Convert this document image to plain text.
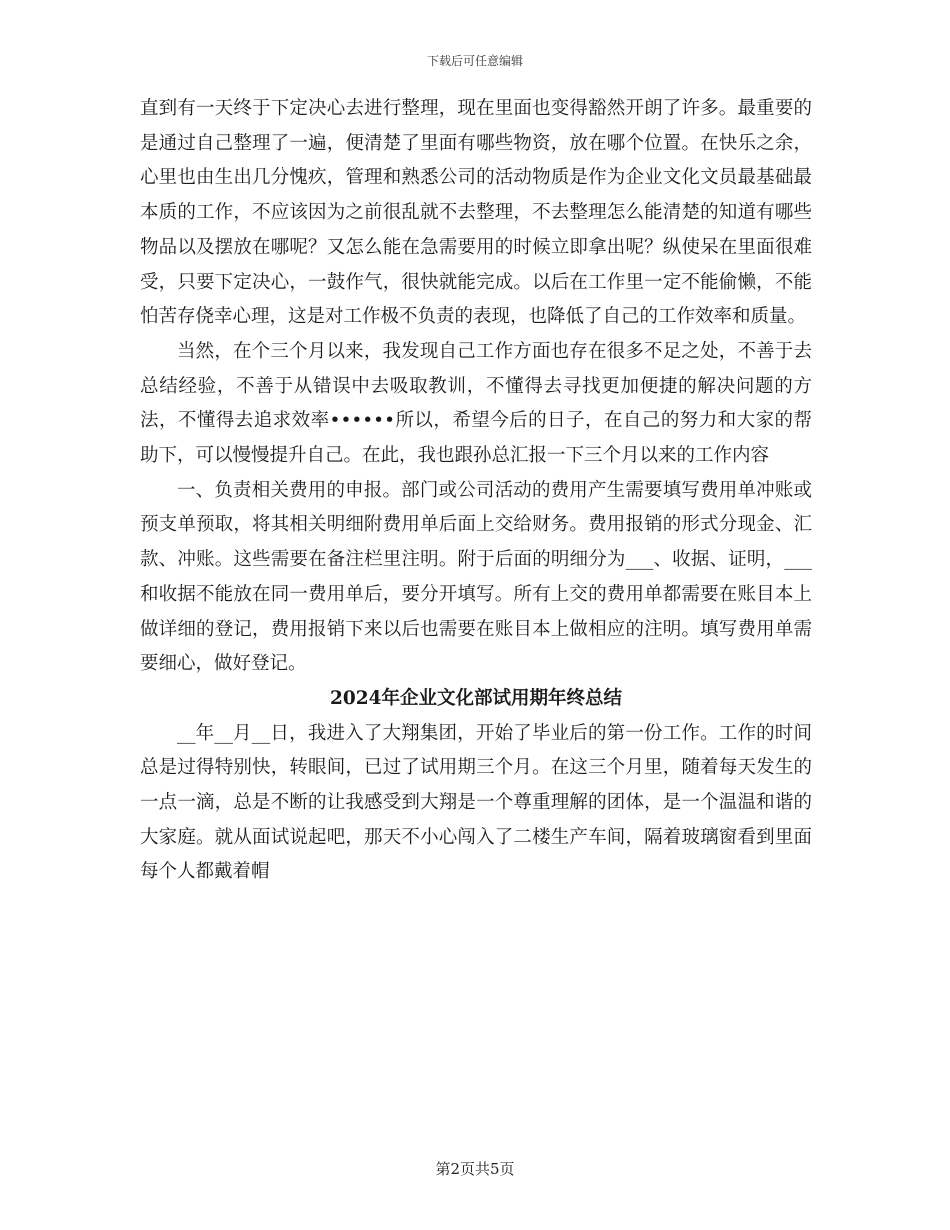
下载后可任意编辑

直到有一天终于下定决心去进行整理，现在里面也变得豁然开朗了许多。最重要的是通过自己整理了一遍，便清楚了里面有哪些物资，放在哪个位置。在快乐之余，心里也由生出几分愧疚，管理和熟悉公司的活动物质是作为企业文化文员最基础最本质的工作，不应该因为之前很乱就不去整理，不去整理怎么能清楚的知道有哪些物品以及摆放在哪呢？又怎么能在急需要用的时候立即拿出呢？纵使呆在里面很难受，只要下定决心，一鼓作气，很快就能完成。以后在工作里一定不能偷懒，不能怕苦存侥幸心理，这是对工作极不负责的表现，也降低了自己的工作效率和质量。

当然，在个三个月以来，我发现自己工作方面也存在很多不足之处，不善于去总结经验，不善于从错误中去吸取教训，不懂得去寻找更加便捷的解决问题的方法，不懂得去追求效率••••••所以，希望今后的日子，在自己的努力和大家的帮助下，可以慢慢提升自己。在此，我也跟孙总汇报一下三个月以来的工作内容

一、负责相关费用的申报。部门或公司活动的费用产生需要填写费用单冲账或预支单预取，将其相关明细附费用单后面上交给财务。费用报销的形式分现金、汇款、冲账。这些需要在备注栏里注明。附于后面的明细分为___、收据、证明，___和收据不能放在同一费用单后，要分开填写。所有上交的费用单都需要在账目本上做详细的登记，费用报销下来以后也需要在账目本上做相应的注明。填写费用单需要细心，做好登记。

2024年企业文化部试用期年终总结

__年__月__日，我进入了大翔集团，开始了毕业后的第一份工作。工作的时间总是过得特别快，转眼间，已过了试用期三个月。在这三个月里，随着每天发生的一点一滴，总是不断的让我感受到大翔是一个尊重理解的团体，是一个温温和谐的大家庭。就从面试说起吧，那天不小心闯入了二楼生产车间，隔着玻璃窗看到里面每个人都戴着帽

第2页共5页
